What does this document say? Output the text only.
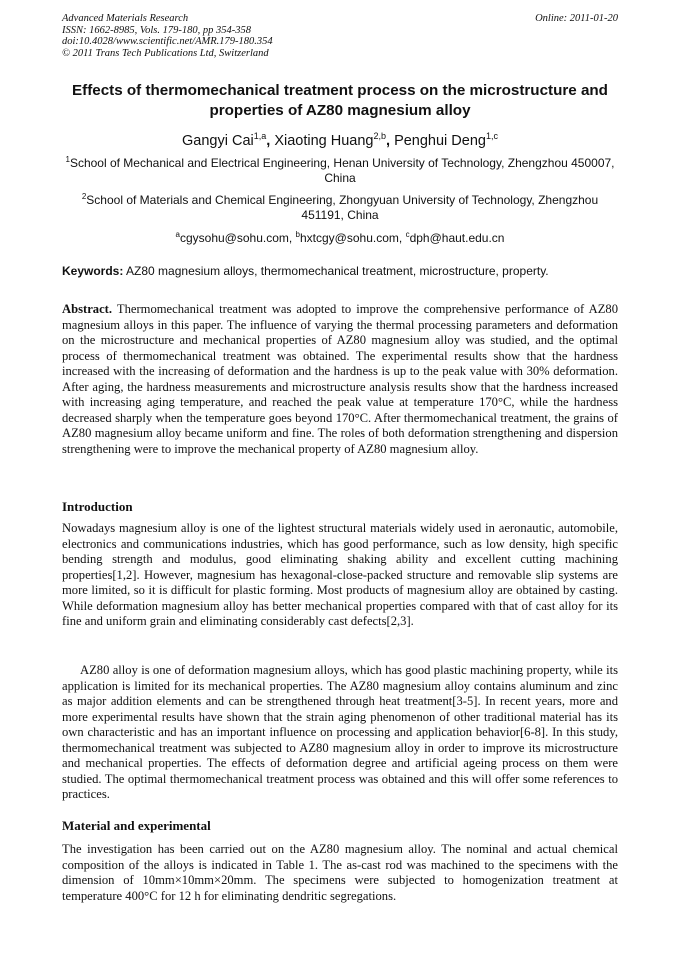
Advanced Materials Research
ISSN: 1662-8985, Vols. 179-180, pp 354-358
doi:10.4028/www.scientific.net/AMR.179-180.354
© 2011 Trans Tech Publications Ltd, Switzerland
Online: 2011-01-20
Effects of thermomechanical treatment process on the microstructure and properties of AZ80 magnesium alloy
Gangyi Cai$^{1,a}$, Xiaoting Huang$^{2,b}$, Penghui Deng$^{1,c}$
$^1$School of Mechanical and Electrical Engineering, Henan University of Technology, Zhengzhou 450007, China
$^2$School of Materials and Chemical Engineering, Zhongyuan University of Technology, Zhengzhou 451191, China
$^a$cgysohu@sohu.com, $^b$hxtcgy@sohu.com, $^c$dph@haut.edu.cn
Keywords: AZ80 magnesium alloys, thermomechanical treatment, microstructure, property.
Abstract. Thermomechanical treatment was adopted to improve the comprehensive performance of AZ80 magnesium alloys in this paper. The influence of varying the thermal processing parameters and deformation on the microstructure and mechanical properties of AZ80 magnesium alloy was studied, and the optimal process of thermomechanical treatment was obtained. The experimental results show that the hardness increased with the increasing of deformation and the hardness is up to the peak value with 30% deformation. After aging, the hardness measurements and microstructure analysis results show that the hardness increased with increasing aging temperature, and reached the peak value at temperature 170°C, while the hardness decreased sharply when the temperature goes beyond 170°C. After thermomechanical treatment, the grains of AZ80 magnesium alloy became uniform and fine. The roles of both deformation strengthening and dispersion strengthening were to improve the mechanical property of AZ80 magnesium alloy.
Introduction
Nowadays magnesium alloy is one of the lightest structural materials widely used in aeronautic, automobile, electronics and communications industries, which has good performance, such as low density, high specific bending strength and modulus, good eliminating shaking ability and excellent cutting machining properties[1,2]. However, magnesium has hexagonal-close-packed structure and removable slip systems are more limited, so it is difficult for plastic forming. Most products of magnesium alloy are obtained by casting. While deformation magnesium alloy has better mechanical properties compared with that of cast alloy for its fine and uniform grain and eliminating considerably cast defects[2,3].
AZ80 alloy is one of deformation magnesium alloys, which has good plastic machining property, while its application is limited for its mechanical properties. The AZ80 magnesium alloy contains aluminum and zinc as major addition elements and can be strengthened through heat treatment[3-5]. In recent years, more and more experimental results have shown that the strain aging phenomenon of other traditional material has its own characteristic and has an important influence on processing and application behavior[6-8]. In this study, thermomechanical treatment was subjected to AZ80 magnesium alloy in order to improve its microstructure and mechanical properties. The effects of deformation degree and artificial ageing process on them were studied. The optimal thermomechanical treatment process was obtained and this will offer some references to practices.
Material and experimental
The investigation has been carried out on the AZ80 magnesium alloy. The nominal and actual chemical composition of the alloys is indicated in Table 1. The as-cast rod was machined to the specimens with the dimension of 10mm×10mm×20mm. The specimens were subjected to homogenization treatment at temperature 400°C for 12 h for eliminating dendritic segregations.
